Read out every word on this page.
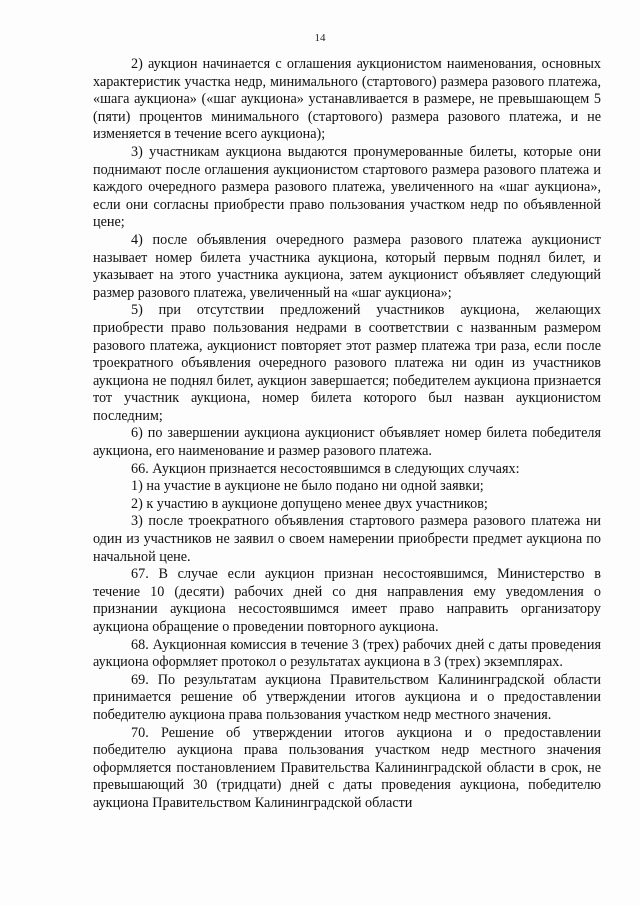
14

2) аукцион начинается с оглашения аукционистом наименования, основных характеристик участка недр, минимального (стартового) размера разового платежа, «шага аукциона» («шаг аукциона» устанавливается в размере, не превышающем 5 (пяти) процентов минимального (стартового) размера разового платежа, и не изменяется в течение всего аукциона);

3) участникам аукциона выдаются пронумерованные билеты, которые они поднимают после оглашения аукционистом стартового размера разового платежа и каждого очередного размера разового платежа, увеличенного на «шаг аукциона», если они согласны приобрести право пользования участком недр по объявленной цене;

4) после объявления очередного размера разового платежа аукционист называет номер билета участника аукциона, который первым поднял билет, и указывает на этого участника аукциона, затем аукционист объявляет следующий размер разового платежа, увеличенный на «шаг аукциона»;

5) при отсутствии предложений участников аукциона, желающих приобрести право пользования недрами в соответствии с названным размером разового платежа, аукционист повторяет этот размер платежа три раза, если после троекратного объявления очередного разового платежа ни один из участников аукциона не поднял билет, аукцион завершается; победителем аукциона признается тот участник аукциона, номер билета которого был назван аукционистом последним;

6) по завершении аукциона аукционист объявляет номер билета победителя аукциона, его наименование и размер разового платежа.

66. Аукцион признается несостоявшимся в следующих случаях:

1) на участие в аукционе не было подано ни одной заявки;

2) к участию в аукционе допущено менее двух участников;

3) после троекратного объявления стартового размера разового платежа ни один из участников не заявил о своем намерении приобрести предмет аукциона по начальной цене.

67. В случае если аукцион признан несостоявшимся, Министерство в течение 10 (десяти) рабочих дней со дня направления ему уведомления о признании аукциона несостоявшимся имеет право направить организатору аукциона обращение о проведении повторного аукциона.

68. Аукционная комиссия в течение 3 (трех) рабочих дней с даты проведения аукциона оформляет протокол о результатах аукциона в 3 (трех) экземплярах.

69. По результатам аукциона Правительством Калининградской области принимается решение об утверждении итогов аукциона и о предоставлении победителю аукциона права пользования участком недр местного значения.

70. Решение об утверждении итогов аукциона и о предоставлении победителю аукциона права пользования участком недр местного значения оформляется постановлением Правительства Калининградской области в срок, не превышающий 30 (тридцати) дней с даты проведения аукциона, победителю аукциона Правительством Калининградской области
